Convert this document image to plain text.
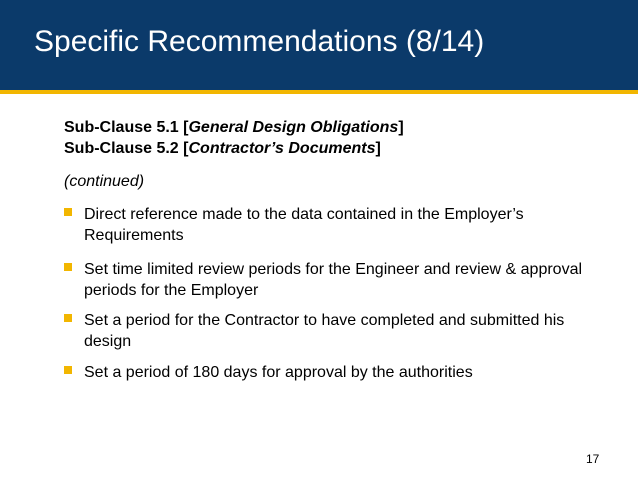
Specific Recommendations (8/14)
Sub-Clause 5.1 [General Design Obligations]
Sub-Clause 5.2 [Contractor’s Documents]
(continued)
Direct reference made to the data contained in the Employer’s Requirements
Set time limited review periods for the Engineer and review & approval periods for the Employer
Set a period for the Contractor to have completed and submitted his design
Set a period of 180 days for approval by the authorities
17
